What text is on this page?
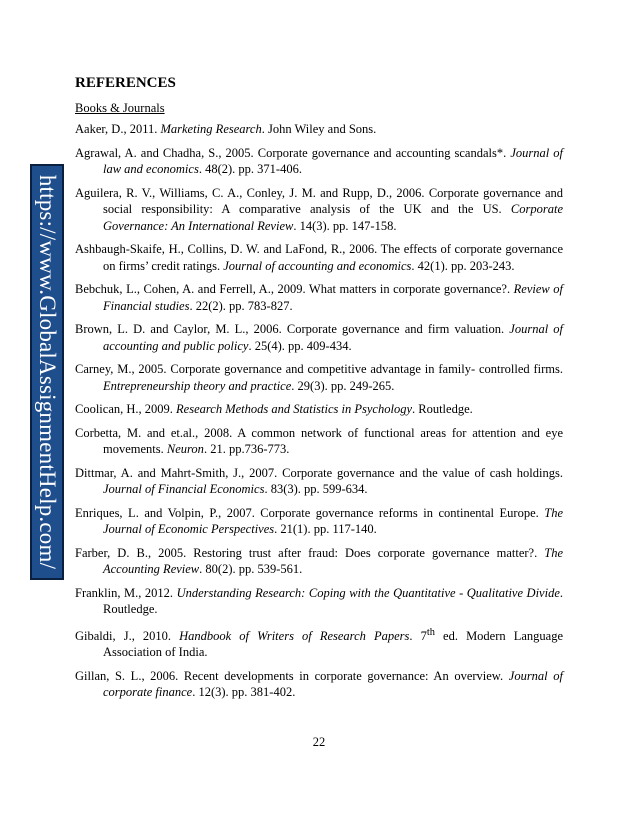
https://www.GlobalAssignmentHelp.com/
REFERENCES
Books & Journals
Aaker, D., 2011. Marketing Research. John Wiley and Sons.
Agrawal, A. and Chadha, S., 2005. Corporate governance and accounting scandals*. Journal of law and economics. 48(2). pp. 371-406.
Aguilera, R. V., Williams, C. A., Conley, J. M. and Rupp, D., 2006. Corporate governance and social responsibility: A comparative analysis of the UK and the US. Corporate Governance: An International Review. 14(3). pp. 147-158.
Ashbaugh-Skaife, H., Collins, D. W. and LaFond, R., 2006. The effects of corporate governance on firms’ credit ratings. Journal of accounting and economics. 42(1). pp. 203-243.
Bebchuk, L., Cohen, A. and Ferrell, A., 2009. What matters in corporate governance?. Review of Financial studies. 22(2). pp. 783-827.
Brown, L. D. and Caylor, M. L., 2006. Corporate governance and firm valuation. Journal of accounting and public policy. 25(4). pp. 409-434.
Carney, M., 2005. Corporate governance and competitive advantage in family- controlled firms. Entrepreneurship theory and practice. 29(3). pp. 249-265.
Coolican, H., 2009. Research Methods and Statistics in Psychology. Routledge.
Corbetta, M. and et.al., 2008. A common network of functional areas for attention and eye movements. Neuron. 21. pp.736-773.
Dittmar, A. and Mahrt-Smith, J., 2007. Corporate governance and the value of cash holdings. Journal of Financial Economics. 83(3). pp. 599-634.
Enriques, L. and Volpin, P., 2007. Corporate governance reforms in continental Europe. The Journal of Economic Perspectives. 21(1). pp. 117-140.
Farber, D. B., 2005. Restoring trust after fraud: Does corporate governance matter?. The Accounting Review. 80(2). pp. 539-561.
Franklin, M., 2012. Understanding Research: Coping with the Quantitative - Qualitative Divide. Routledge.
Gibaldi, J., 2010. Handbook of Writers of Research Papers. 7th ed. Modern Language Association of India.
Gillan, S. L., 2006. Recent developments in corporate governance: An overview. Journal of corporate finance. 12(3). pp. 381-402.
22
